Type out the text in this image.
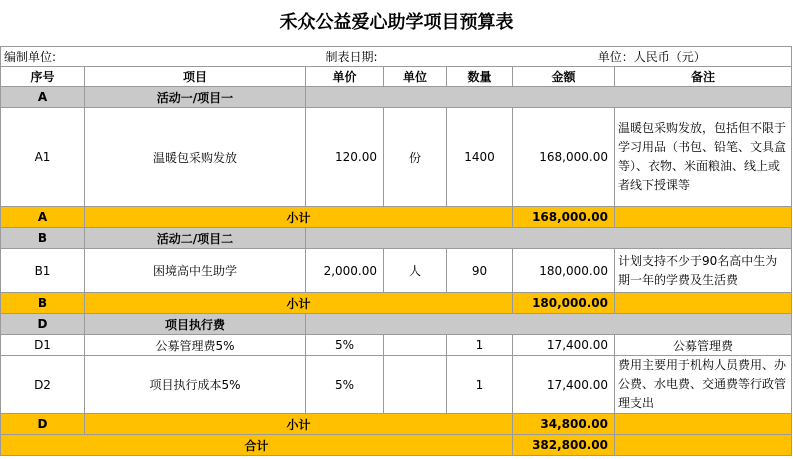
禾众公益爱心助学项目预算表
编制单位:		制表日期:			单位：人民币（元）	
序号	项目	单价	单位	数量	金额	备注
A	活动一/项目一					
A1	温暖包采购发放	120.00	份	1400	168,000.00	温暖包采购发放，包括但不限于学习用品（书包、铅笔、文具盒等）、衣物、米面粮油、线上或者线下授课等
A	小计				168,000.00	
B	活动二/项目二					
B1	困境高中生助学	2,000.00	人	90	180,000.00	计划支持不少于90名高中生为期一年的学费及生活费
B	小计				180,000.00	
D	项目执行费					
D1	公募管理费5%	5%		1	17,400.00	公募管理费
D2	项目执行成本5%	5%		1	17,400.00	费用主要用于机构人员费用、办公费、水电费、交通费等行政管理支出
D	小计				34,800.00	
合计					382,800.00	
